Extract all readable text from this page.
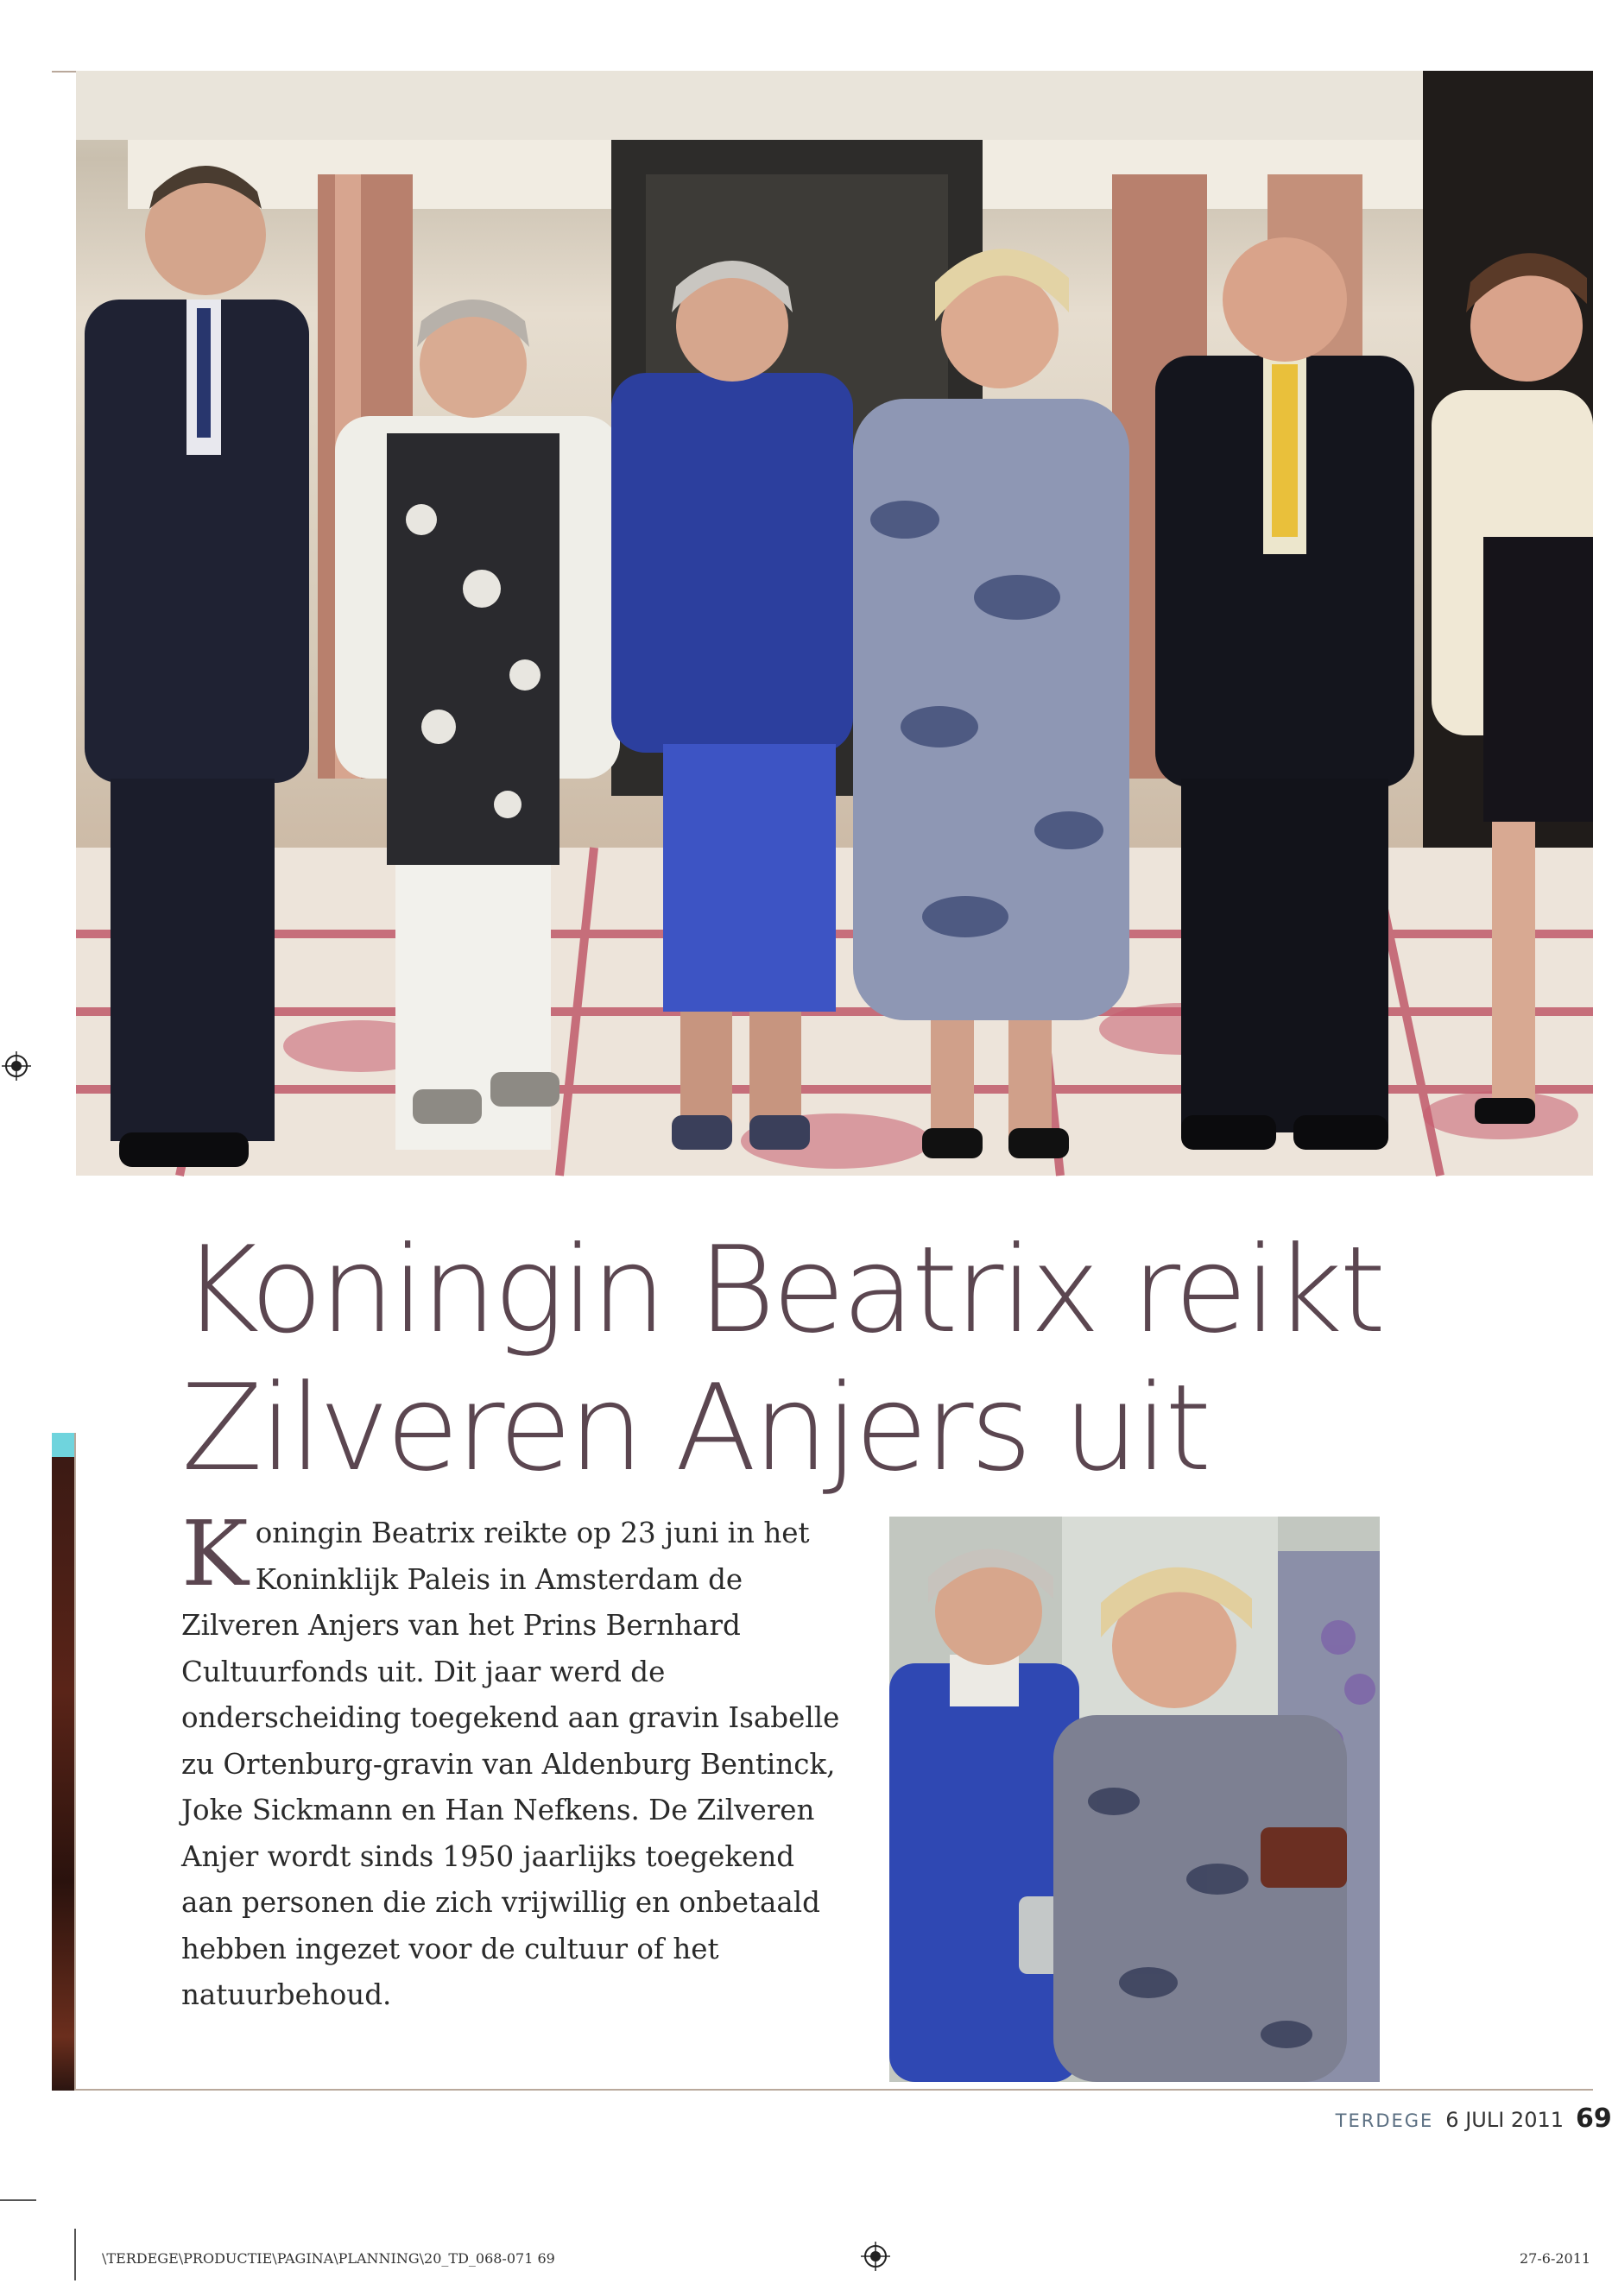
Koningin Beatrix reikt
Zilveren Anjers uit
Koningin Beatrix reikte op 23 juni in het Koninklijk Paleis in Amsterdam de Zilveren Anjers van het Prins Bernhard Cultuurfonds uit. Dit jaar werd de onderscheiding toegekend aan gravin Isabelle zu Ortenburg-gravin van Aldenburg Bentinck, Joke Sickmann en Han Nefkens. De Zilveren Anjer wordt sinds 1950 jaarlijks toegekend aan personen die zich vrijwillig en onbetaald hebben ingezet voor de cultuur of het natuurbehoud.
TERDEGE 6 JULI 2011 69
\TERDEGE\PRODUCTIE\PAGINA\PLANNING\20_TD_068-071 69	27-6-2011
